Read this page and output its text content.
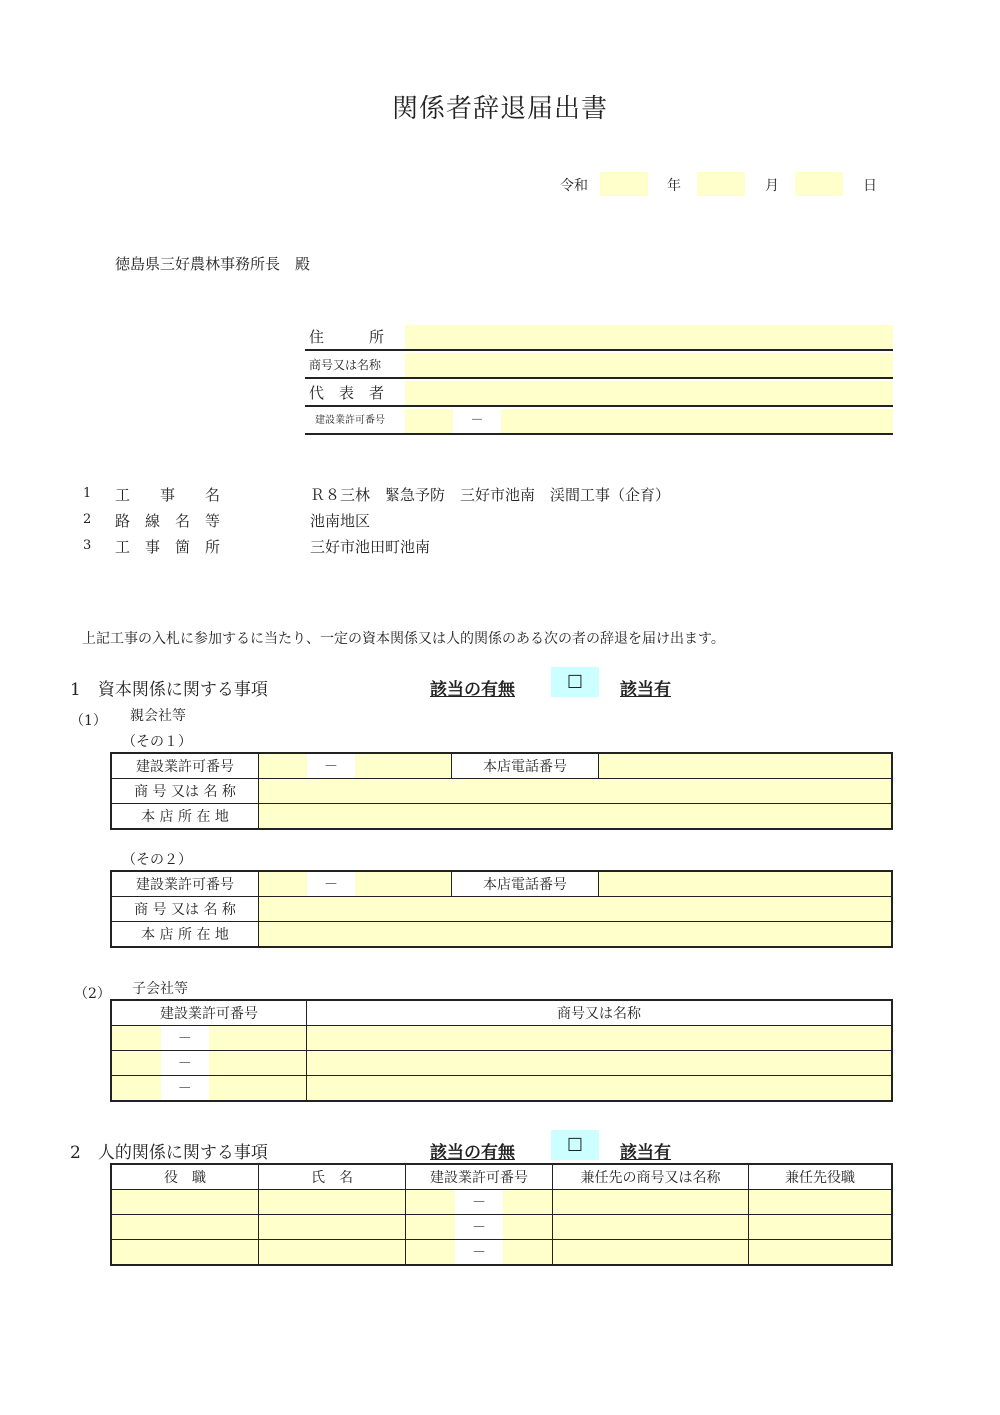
関係者辞退届出書
令和	年	月	日
徳島県三好農林事務所長　殿
住　　　所
商号又は名称
代　表　者
建設業許可番号	－
1 工　　事　　名	Ｒ８三林　緊急予防　三好市池南　渓間工事（企育）
2 路　線　名　等	池南地区
3 工　事　箇　所	三好市池田町池南
上記工事の入札に参加するに当たり、一定の資本関係又は人的関係のある次の者の辞退を届け出ます。
1　資本関係に関する事項	該当の有無	☐	該当有
（1） 親会社等
（その１）
建設業許可番号		－		本店電話番号	
商 号 又は 名 称					
本 店 所 在 地					
（その２）
建設業許可番号		－		本店電話番号	
商 号 又は 名 称					
本 店 所 在 地					
（2） 子会社等
建設業許可番号			商号又は名称
	－		
	－		
	－		
2　人的関係に関する事項	該当の有無	☐	該当有
役　職	氏　名	建設業許可番号			兼任先の商号又は名称	兼任先役職
			－			
			－			
			－			
